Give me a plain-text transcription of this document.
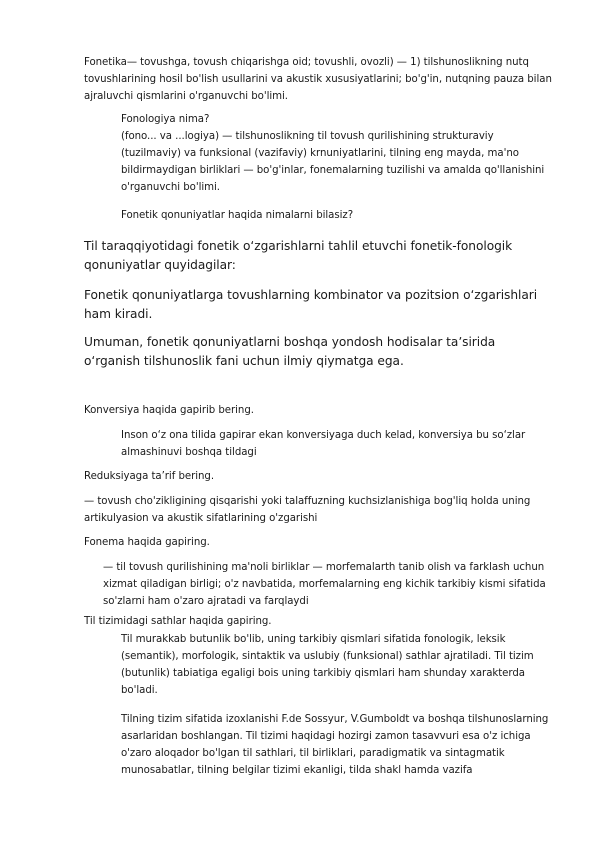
Fonetika— tovushga, tovush chiqarishga oid; tovushli, ovozli) — 1) tilshunoslikning nutq tovushlarining hosil bo'lish usullarini va akustik xususiyatlarini; bo'g'in, nutqning pauza bilan ajraluvchi qismlarini o'rganuvchi bo'limi.

Fonologiya nima?

(fono... va ...logiya) — tilshunoslikning til tovush qurilishining strukturaviy (tuzilmaviy) va funksional (vazifaviy) krnuniyatlarini, tilning eng mayda, ma'no bildirmaydigan birliklari — bo'g'inlar, fonemalarning tuzilishi va amalda qo'llanishini o'rganuvchi bo'limi.

Fonetik qonuniyatlar haqida nimalarni bilasiz?

Til taraqqiyotidagi fonetik oʻzgarishlarni tahlil etuvchi fonetik-fonologik qonuniyatlar quyidagilar:

Fonetik qonuniyatlarga tovushlarning kombinator va pozitsion oʻzgarishlari ham kiradi.

Umuman, fonetik qonuniyatlarni boshqa yondosh hodisalar taʼsirida oʻrganish tilshunoslik fani uchun ilmiy qiymatga ega.

Konversiya haqida gapirib bering.

Inson o‘z ona tilida gapirar ekan konversiyaga duch kelad, konversiya bu so‘zlar almashinuvi boshqa tildagi

Reduksiyaga ta’rif bering.

— tovush cho'zikligining qisqarishi yoki talaffuzning kuchsizlanishiga bog'liq holda uning artikulyasion va akustik sifatlarining o'zgarishi

Fonema haqida gapiring.

— til tovush qurilishining ma'noli birliklar — morfemalarth tanib olish va farklash uchun xizmat qiladigan birligi; o'z navbatida, morfemalarning eng kichik tarkibiy kismi sifatida so'zlarni ham o'zaro ajratadi va farqlaydi

Til tizimidagi sathlar haqida gapiring.

Til murakkab butunlik bo'lib, uning tarkibiy qismlari sifatida fonologik, leksik (semantik), morfologik, sintaktik va uslubiy (funksional) sathlar ajratiladi. Til tizim (butunlik) tabiatiga egaligi bois uning tarkibiy qismlari ham shunday xarakterda bo'ladi.

Tilning tizim sifatida izoxlanishi F.de Sossyur, V.Gumboldt va boshqa tilshunoslarning asarlaridan boshlangan. Til tizimi haqidagi hozirgi zamon tasavvuri esa o'z ichiga o'zaro aloqador bo'lgan til sathlari, til birliklari, paradigmatik va sintagmatik munosabatlar, tilning belgilar tizimi ekanligi, tilda shakl hamda vazifa
